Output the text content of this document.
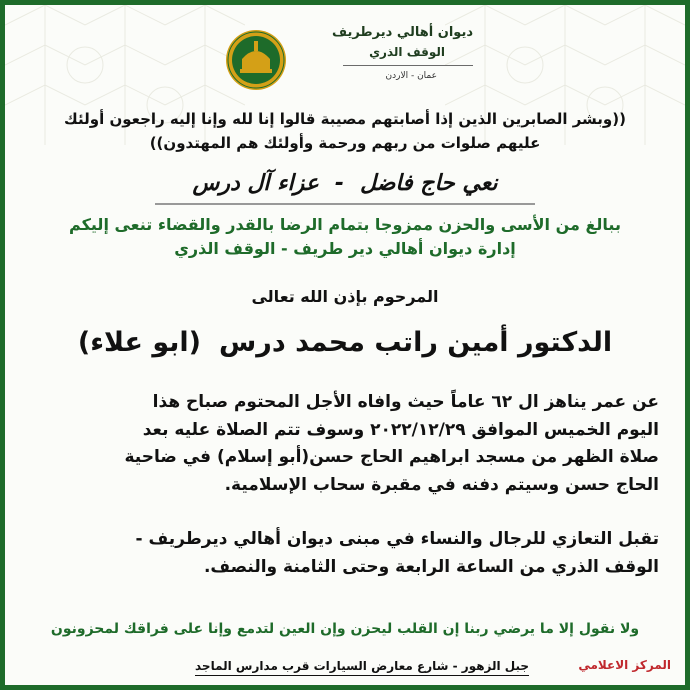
ديوان أهالي ديرطريف
الوقف الذري
عمان - الاردن
((وبشر الصابرين الذين إذا أصابتهم مصيبة قالوا إنا لله وإنا إليه راجعون أولئك
عليهم صلوات من ربهم ورحمة وأولئك هم المهتدون))
نعي حاج فاضل-عزاء آل درس
ببالغ من الأسى والحزن ممزوجا بتمام الرضا بالقدر والقضاء تنعى إليكم
إدارة ديوان أهالي دير طريف - الوقف الذري
المرحوم بإذن الله تعالى
الدكتور أمين راتب محمد درس(ابو علاء)
عن عمر يناهز ال ٦٢ عاماً حيث وافاه الأجل المحتوم صباح هذا
اليوم الخميس الموافق ٢٠٢٢/١٢/٢٩ وسوف تتم الصلاة عليه بعد
صلاة الظهر من مسجد ابراهيم الحاج حسن(أبو إسلام) في ضاحية
الحاج حسن وسيتم دفنه في مقبرة سحاب الإسلامية.
تقبل التعازي للرجال والنساء في مبنى ديوان أهالي ديرطريف -
الوقف الذري من الساعة الرابعة وحتى الثامنة والنصف.
ولا نقول إلا ما يرضي ربنا إن القلب ليحزن وإن العين لتدمع وإنا على فراقك لمحزونون
جبل الزهور - شارع معارض السيارات قرب مدارس الماجد	المركز الاعلامي
